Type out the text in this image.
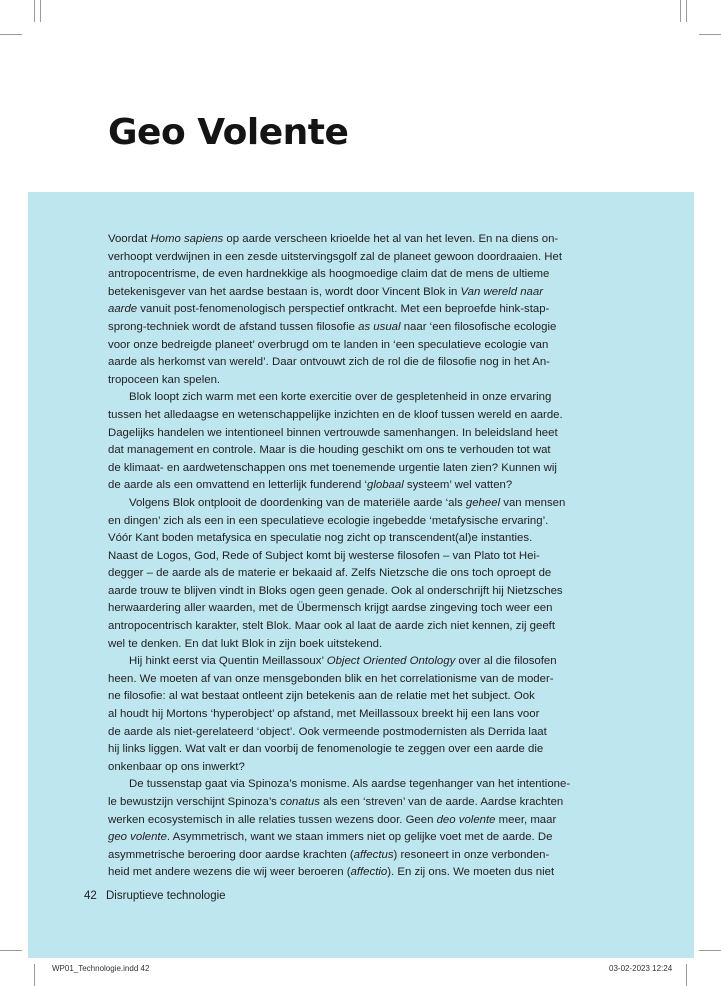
Geo Volente
Voordat Homo sapiens op aarde verscheen krioelde het al van het leven. En na diens on-
verhoopt verdwijnen in een zesde uitstervingsgolf zal de planeet gewoon doordraaien. Het
antropocentrisme, de even hardnekkige als hoogmoedige claim dat de mens de ultieme
betekenisgever van het aardse bestaan is, wordt door Vincent Blok in Van wereld naar
aarde vanuit post-fenomenologisch perspectief ontkracht. Met een beproefde hink-stap-
sprong-techniek wordt de afstand tussen filosofie as usual naar ‘een filosofische ecologie
voor onze bedreigde planeet’ overbrugd om te landen in ‘een speculatieve ecologie van
aarde als herkomst van wereld’. Daar ontvouwt zich de rol die de filosofie nog in het An-
tropoceen kan spelen.
Blok loopt zich warm met een korte exercitie over de gespletenheid in onze ervaring
tussen het alledaagse en wetenschappelijke inzichten en de kloof tussen wereld en aarde.
Dagelijks handelen we intentioneel binnen vertrouwde samenhangen. In beleidsland heet
dat management en controle. Maar is die houding geschikt om ons te verhouden tot wat
de klimaat- en aardwetenschappen ons met toenemende urgentie laten zien? Kunnen wij
de aarde als een omvattend en letterlijk funderend ‘globaal systeem’ wel vatten?
Volgens Blok ontplooit de doordenking van de materiële aarde ‘als geheel van mensen
en dingen’ zich als een in een speculatieve ecologie ingebedde ‘metafysische ervaring’.
Vóór Kant boden metafysica en speculatie nog zicht op transcendent(al)e instanties.
Naast de Logos, God, Rede of Subject komt bij westerse filosofen – van Plato tot Hei-
degger – de aarde als de materie er bekaaid af. Zelfs Nietzsche die ons toch oproept de
aarde trouw te blijven vindt in Bloks ogen geen genade. Ook al onderschrijft hij Nietzsches
herwaardering aller waarden, met de Übermensch krijgt aardse zingeving toch weer een
antropocentrisch karakter, stelt Blok. Maar ook al laat de aarde zich niet kennen, zij geeft
wel te denken. En dat lukt Blok in zijn boek uitstekend.
Hij hinkt eerst via Quentin Meillassoux’ Object Oriented Ontology over al die filosofen
heen. We moeten af van onze mensgebonden blik en het correlationisme van de moder-
ne filosofie: al wat bestaat ontleent zijn betekenis aan de relatie met het subject. Ook
al houdt hij Mortons ‘hyperobject’ op afstand, met Meillassoux breekt hij een lans voor
de aarde als niet-gerelateerd ‘object’. Ook vermeende postmodernisten als Derrida laat
hij links liggen. Wat valt er dan voorbij de fenomenologie te zeggen over een aarde die
onkenbaar op ons inwerkt?
De tussenstap gaat via Spinoza’s monisme. Als aardse tegenhanger van het intentione-
le bewustzijn verschijnt Spinoza’s conatus als een ‘streven’ van de aarde. Aardse krachten
werken ecosystemisch in alle relaties tussen wezens door. Geen deo volente meer, maar
geo volente. Asymmetrisch, want we staan immers niet op gelijke voet met de aarde. De
asymmetrische beroering door aardse krachten (affectus) resoneert in onze verbonden-
heid met andere wezens die wij weer beroeren (affectio). En zij ons. We moeten dus niet
42 Disruptieve technologie
WP01_Technologie.indd 42	03-02-2023 12:24
